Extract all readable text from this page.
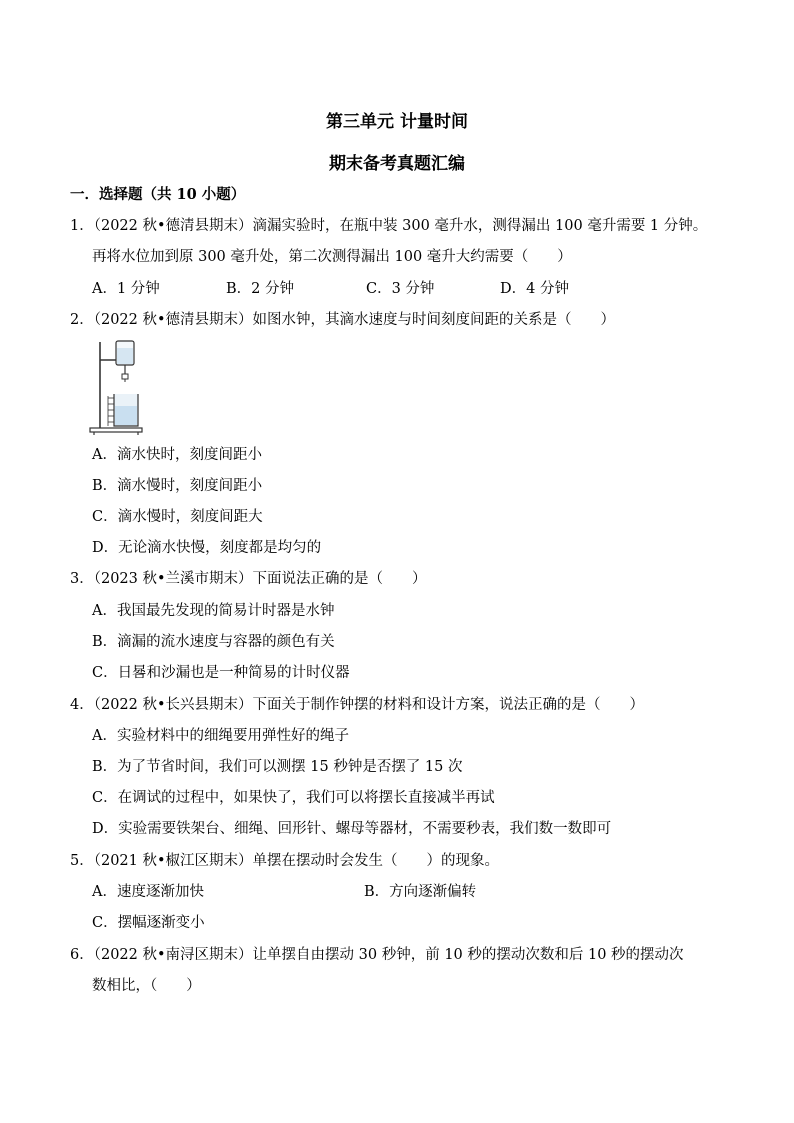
第三单元 计量时间
期末备考真题汇编
一．选择题（共 10 小题）
1．（2022 秋•德清县期末）滴漏实验时，在瓶中装 300 毫升水，测得漏出 100 毫升需要 1 分钟。
再将水位加到原 300 毫升处，第二次测得漏出 100 毫升大约需要（　　）
A．1 分钟	B．2 分钟	C．3 分钟	D．4 分钟
2．（2022 秋•德清县期末）如图水钟，其滴水速度与时间刻度间距的关系是（　　）
A．滴水快时，刻度间距小
B．滴水慢时，刻度间距小
C．滴水慢时，刻度间距大
D．无论滴水快慢，刻度都是均匀的
3．（2023 秋•兰溪市期末）下面说法正确的是（　　）
A．我国最先发现的简易计时器是水钟
B．滴漏的流水速度与容器的颜色有关
C．日晷和沙漏也是一种简易的计时仪器
4．（2022 秋•长兴县期末）下面关于制作钟摆的材料和设计方案，说法正确的是（　　）
A．实验材料中的细绳要用弹性好的绳子
B．为了节省时间，我们可以测摆 15 秒钟是否摆了 15 次
C．在调试的过程中，如果快了，我们可以将摆长直接减半再试
D．实验需要铁架台、细绳、回形针、螺母等器材，不需要秒表，我们数一数即可
5．（2021 秋•椒江区期末）单摆在摆动时会发生（　　）的现象。
A．速度逐渐加快	B．方向逐渐偏转
C．摆幅逐渐变小
6．（2022 秋•南浔区期末）让单摆自由摆动 30 秒钟，前 10 秒的摆动次数和后 10 秒的摆动次
数相比，（　　）
